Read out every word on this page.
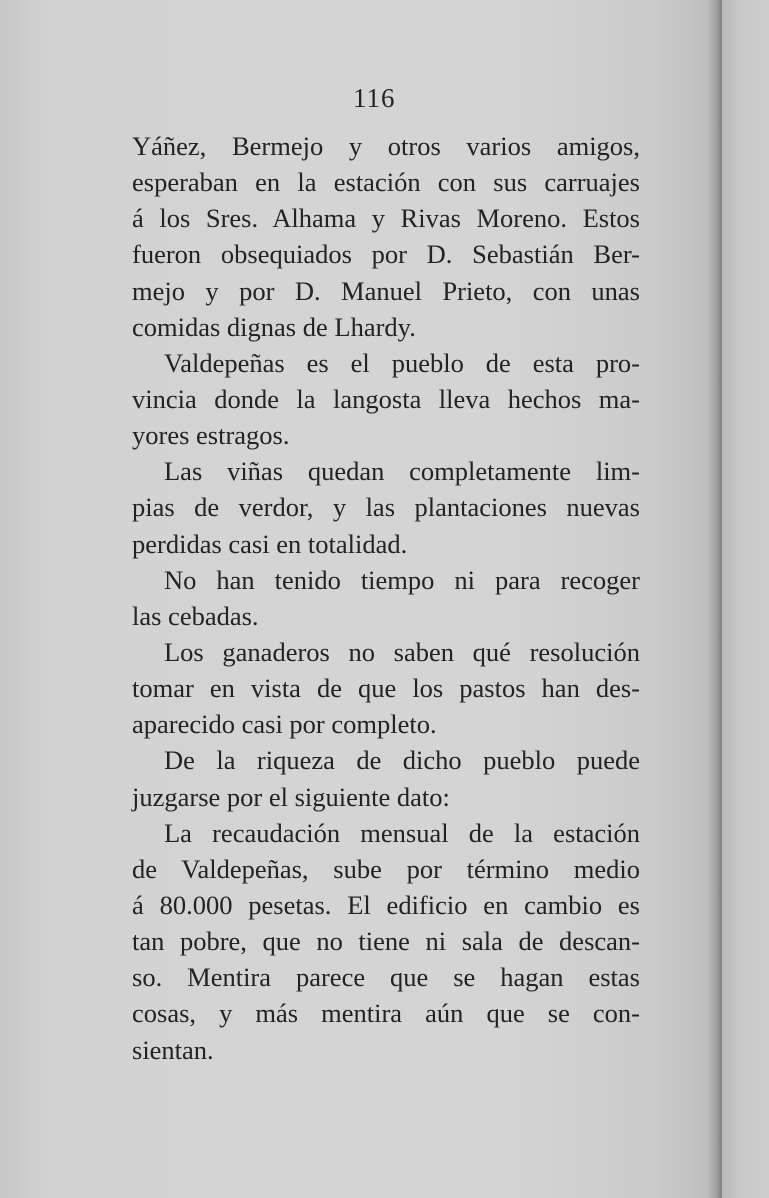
116
Yáñez, Bermejo y otros varios amigos,
esperaban en la estación con sus carruajes
á los Sres. Alhama y Rivas Moreno. Estos
fueron obsequiados por D. Sebastián Ber-
mejo y por D. Manuel Prieto, con unas
comidas dignas de Lhardy.
Valdepeñas es el pueblo de esta pro-
vincia donde la langosta lleva hechos ma-
yores estragos.
Las viñas quedan completamente lim-
pias de verdor, y las plantaciones nuevas
perdidas casi en totalidad.
No han tenido tiempo ni para recoger
las cebadas.
Los ganaderos no saben qué resolución
tomar en vista de que los pastos han des-
aparecido casi por completo.
De la riqueza de dicho pueblo puede
juzgarse por el siguiente dato:
La recaudación mensual de la estación
de Valdepeñas, sube por término medio
á 80.000 pesetas. El edificio en cambio es
tan pobre, que no tiene ni sala de descan-
so. Mentira parece que se hagan estas
cosas, y más mentira aún que se con-
sientan.
